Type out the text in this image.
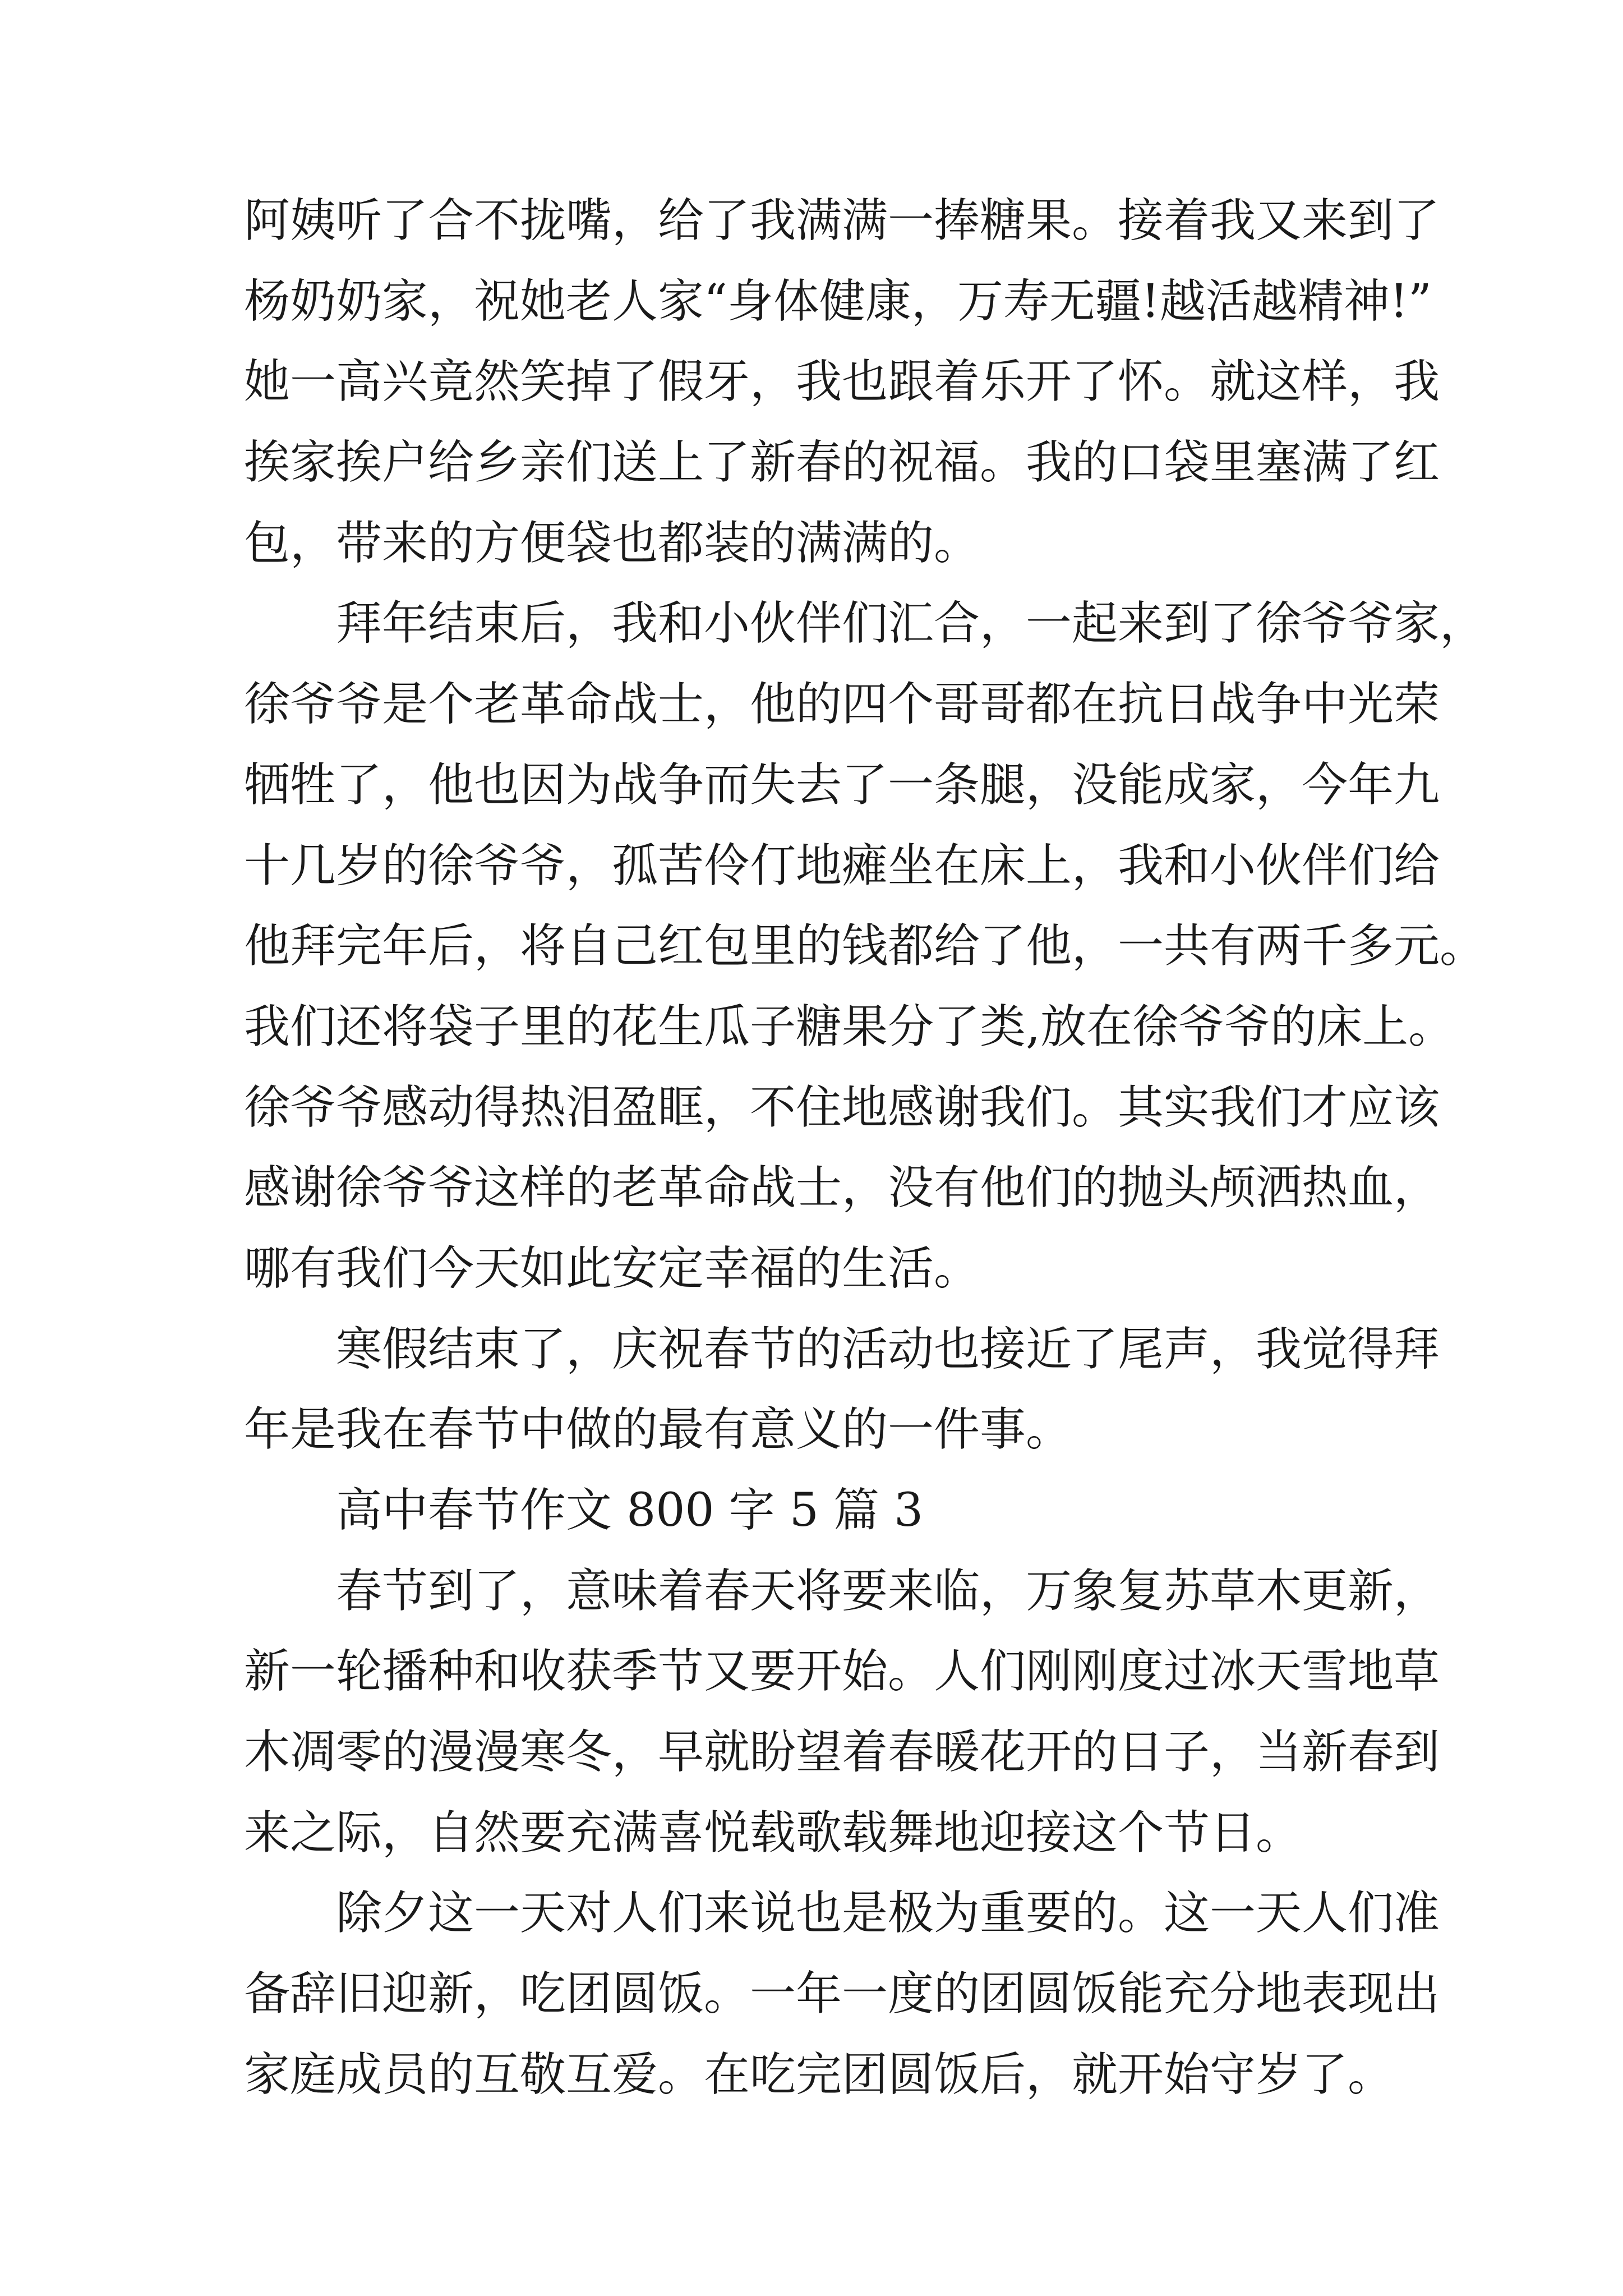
阿姨听了合不拢嘴，给了我满满一捧糖果。接着我又来到了
杨奶奶家，祝她老人家“身体健康，万寿无疆!越活越精神!”
她一高兴竟然笑掉了假牙，我也跟着乐开了怀。就这样，我
挨家挨户给乡亲们送上了新春的祝福。我的口袋里塞满了红
包，带来的方便袋也都装的满满的。
拜年结束后，我和小伙伴们汇合，一起来到了徐爷爷家，
徐爷爷是个老革命战士，他的四个哥哥都在抗日战争中光荣
牺牲了，他也因为战争而失去了一条腿，没能成家，今年九
十几岁的徐爷爷，孤苦伶仃地瘫坐在床上，我和小伙伴们给
他拜完年后，将自己红包里的钱都给了他，一共有两千多元。
我们还将袋子里的花生瓜子糖果分了类,放在徐爷爷的床上。
徐爷爷感动得热泪盈眶，不住地感谢我们。其实我们才应该
感谢徐爷爷这样的老革命战士，没有他们的抛头颅洒热血，
哪有我们今天如此安定幸福的生活。
寒假结束了，庆祝春节的活动也接近了尾声，我觉得拜
年是我在春节中做的最有意义的一件事。
高中春节作文 800 字 5 篇 3
春节到了，意味着春天将要来临，万象复苏草木更新，
新一轮播种和收获季节又要开始。人们刚刚度过冰天雪地草
木凋零的漫漫寒冬，早就盼望着春暖花开的日子，当新春到
来之际，自然要充满喜悦载歌载舞地迎接这个节日。
除夕这一天对人们来说也是极为重要的。这一天人们准
备辞旧迎新，吃团圆饭。一年一度的团圆饭能充分地表现出
家庭成员的互敬互爱。在吃完团圆饭后，就开始守岁了。
